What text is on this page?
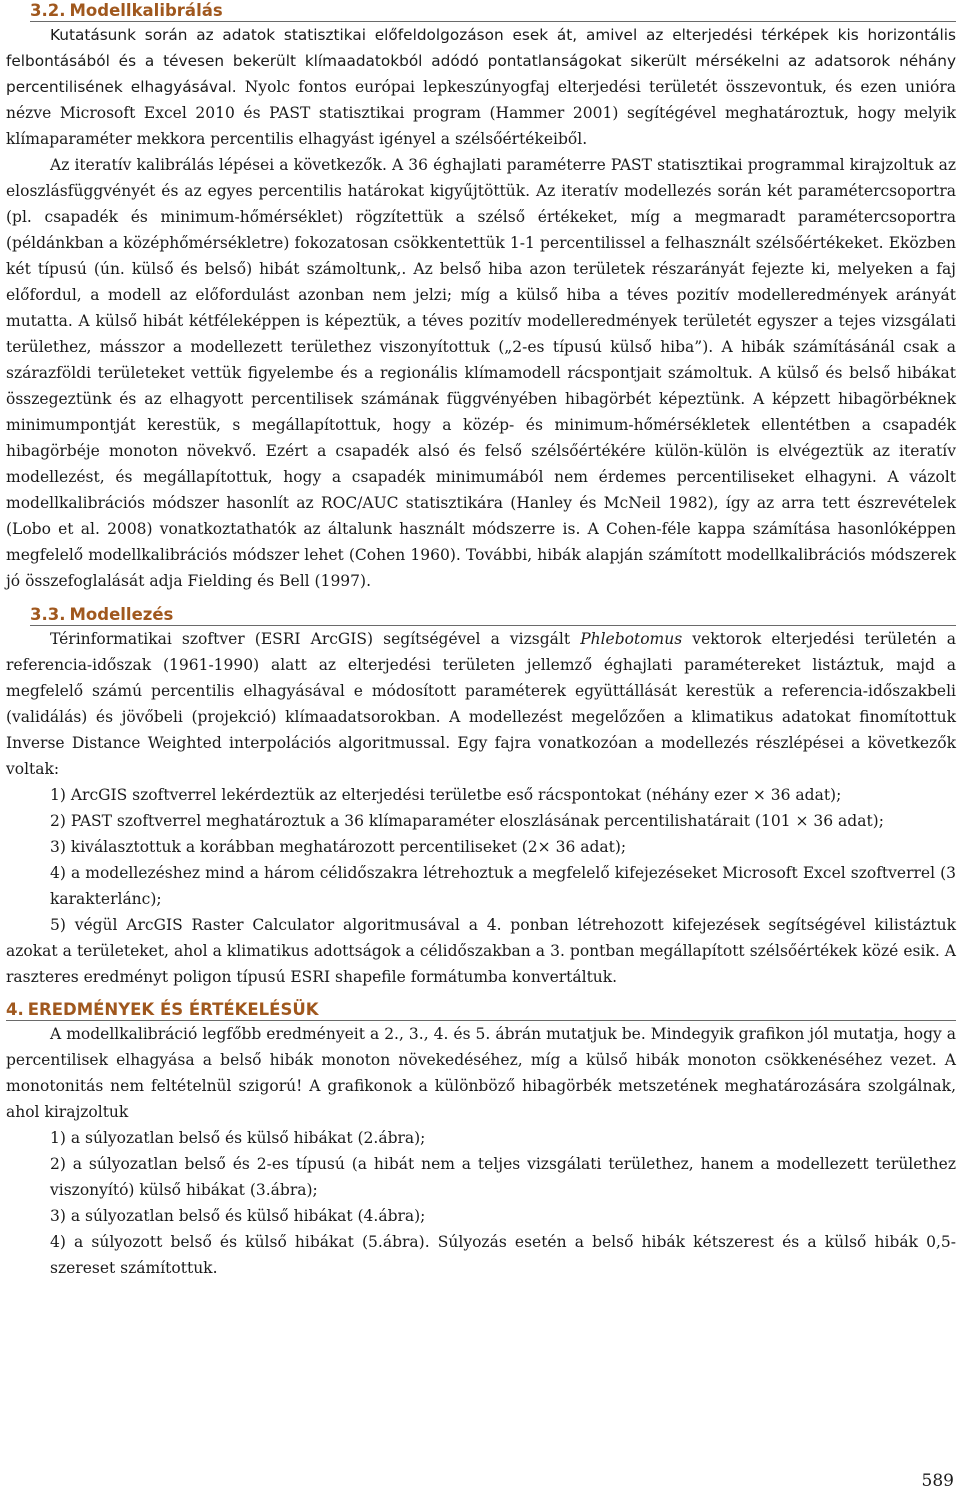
3.2. Modellkalibrálás

Kutatásunk során az adatok statisztikai előfeldolgozáson esek át, amivel az elterjedési térképek kis horizontális felbontásából és a tévesen bekerült klímaadatokból adódó pontatlanságokat sikerült mérsékelni az adatsorok néhány percentilisének elhagyásával. Nyolc fontos európai lepkeszúnyogfaj elterjedési területét összevontuk, és ezen unióra nézve Microsoft Excel 2010 és PAST statisztikai program (Hammer 2001) segítégével meghatároztuk, hogy melyik klímaparaméter mekkora percentilis elhagyást igényel a szélsőértékeiből.

Az iteratív kalibrálás lépései a következők. A 36 éghajlati paraméterre PAST statisztikai programmal kirajzoltuk az eloszlásfüggvényét és az egyes percentilis határokat kigyűjtöttük. Az iteratív modellezés során két paramétercsoportra (pl. csapadék és minimum-hőmérséklet) rögzítettük a szélső értékeket, míg a megmaradt paramétercsoportra (példánkban a középhőmérsékletre) fokozatosan csökkentettük 1-1 percentilissel a felhasznált szélsőértékeket. Eközben két típusú (ún. külső és belső) hibát számoltunk,. Az belső hiba azon területek részarányát fejezte ki, melyeken a faj előfordul, a modell az előfordulást azonban nem jelzi; míg a külső hiba a téves pozitív modelleredmények arányát mutatta. A külső hibát kétféleképpen is képeztük, a téves pozitív modelleredmények területét egyszer a tejes vizsgálati területhez, másszor a modellezett területhez viszonyítottuk („2-es típusú külső hiba”). A hibák számításánál csak a szárazföldi területeket vettük figyelembe és a regionális klímamodell rácspontjait számoltuk. A külső és belső hibákat összegeztünk és az elhagyott percentilisek számának függvényében hibagörbét képeztünk. A képzett hibagörbéknek minimumpontját kerestük, s megállapítottuk, hogy a közép- és minimum-hőmérsékletek ellentétben a csapadék hibagörbéje monoton növekvő. Ezért a csapadék alsó és felső szélsőértékére külön-külön is elvégeztük az iteratív modellezést, és megállapítottuk, hogy a csapadék minimumából nem érdemes percentiliseket elhagyni. A vázolt modellkalibrációs módszer hasonlít az ROC/AUC statisztikára (Hanley és McNeil 1982), így az arra tett észrevételek (Lobo et al. 2008) vonatkoztathatók az általunk használt módszerre is. A Cohen-féle kappa számítása hasonlóképpen megfelelő modellkalibrációs módszer lehet (Cohen 1960). További, hibák alapján számított modellkalibrációs módszerek jó összefoglalását adja Fielding és Bell (1997).

3.3. Modellezés

Térinformatikai szoftver (ESRI ArcGIS) segítségével a vizsgált Phlebotomus vektorok elterjedési területén a referencia-időszak (1961-1990) alatt az elterjedési területen jellemző éghajlati paramétereket listáztuk, majd a megfelelő számú percentilis elhagyásával e módosított paraméterek együttállását kerestük a referencia-időszakbeli (validálás) és jövőbeli (projekció) klímaadatsorokban. A modellezést megelőzően a klimatikus adatokat finomítottuk Inverse Distance Weighted interpolációs algoritmussal. Egy fajra vonatkozóan a modellezés részlépései a következők voltak:

1) ArcGIS szoftverrel lekérdeztük az elterjedési területbe eső rácspontokat (néhány ezer × 36 adat);

2) PAST szoftverrel meghatároztuk a 36 klímaparaméter eloszlásának percentilishatárait (101 × 36 adat);

3) kiválasztottuk a korábban meghatározott percentiliseket (2× 36 adat);

4) a modellezéshez mind a három célidőszakra létrehoztuk a megfelelő kifejezéseket Microsoft Excel szoftverrel (3 karakterlánc);

5) végül ArcGIS Raster Calculator algoritmusával a 4. ponban létrehozott kifejezések segítségével kilistáztuk azokat a területeket, ahol a klimatikus adottságok a célidőszakban a 3. pontban megállapított szélsőértékek közé esik. A raszteres eredményt poligon típusú ESRI shapefile formátumba konvertáltuk.

4. EREDMÉNYEK ÉS ÉRTÉKELÉSÜK

A modellkalibráció legfőbb eredményeit a 2., 3., 4. és 5. ábrán mutatjuk be. Mindegyik grafikon jól mutatja, hogy a percentilisek elhagyása a belső hibák monoton növekedéséhez, míg a külső hibák monoton csökkenéséhez vezet. A monotonitás nem feltételnül szigorú! A grafikonok a különböző hibagörbék metszetének meghatározására szolgálnak, ahol kirajzoltuk

1) a súlyozatlan belső és külső hibákat (2.ábra);

2) a súlyozatlan belső és 2-es típusú (a hibát nem a teljes vizsgálati területhez, hanem a modellezett területhez viszonyító) külső hibákat (3.ábra);

3) a súlyozatlan belső és külső hibákat (4.ábra);

4) a súlyozott belső és külső hibákat (5.ábra). Súlyozás esetén a belső hibák kétszerest és a külső hibák 0,5-szereset számítottuk.

589
